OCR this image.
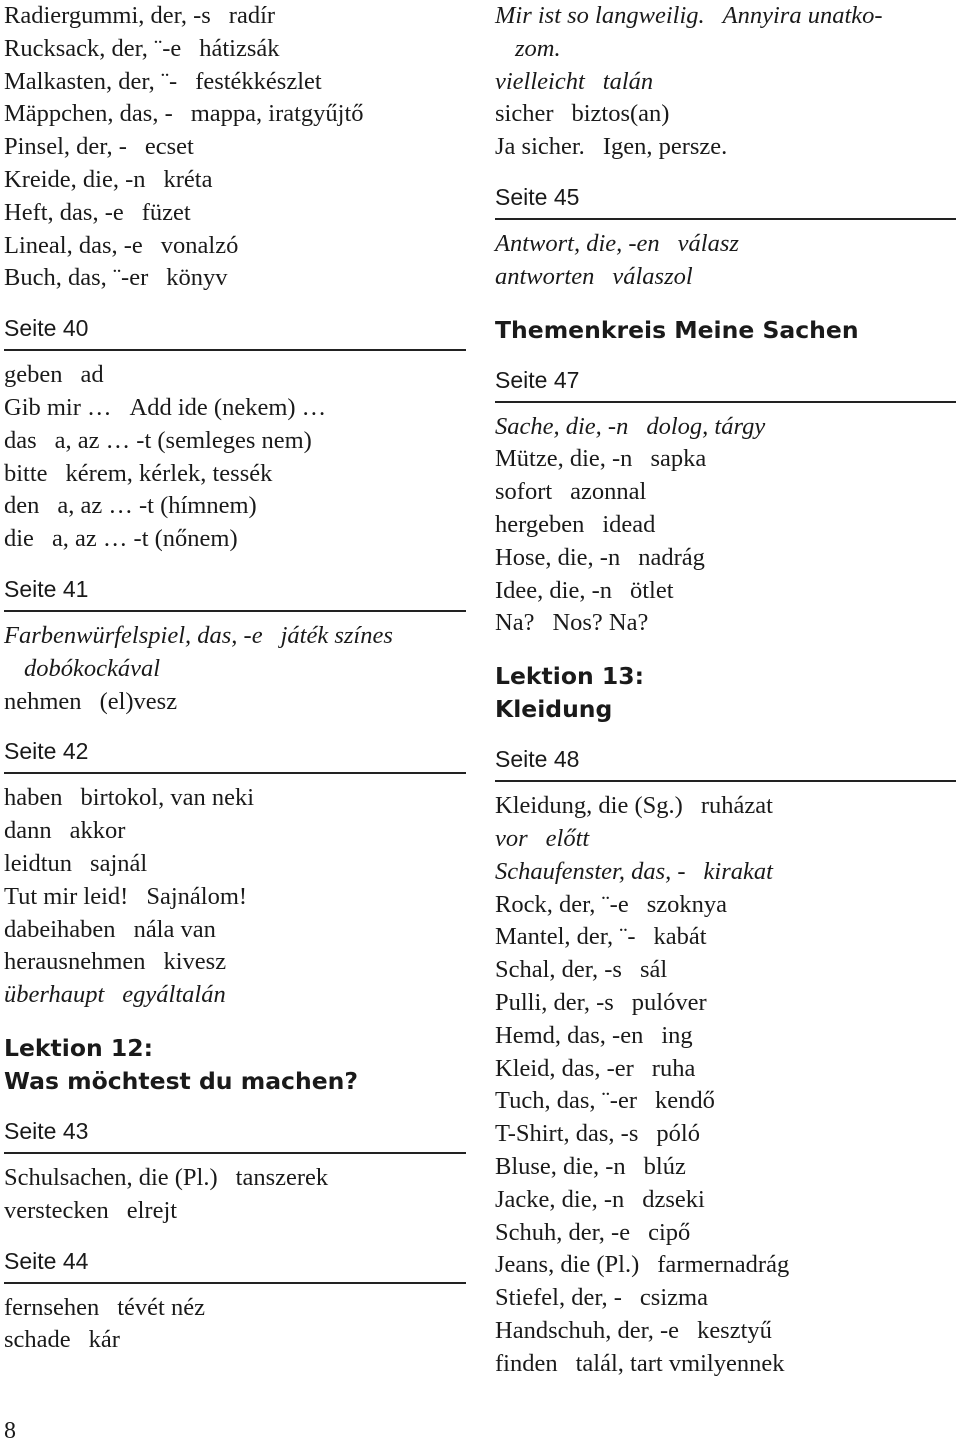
Radiergummi, der, -s radír
Rucksack, der, ¨-e hátizsák
Malkasten, der, ¨- festékkészlet
Mäppchen, das, - mappa, iratgyűjtő
Pinsel, der, - ecset
Kreide, die, -n kréta
Heft, das, -e füzet
Lineal, das, -e vonalzó
Buch, das, ¨-er könyv
Seite 40
geben ad
Gib mir … Add ide (nekem) …
das a, az … -t (semleges nem)
bitte kérem, kérlek, tessék
den a, az … -t (hímnem)
die a, az … -t (nőnem)
Seite 41
Farbenwürfelspiel, das, -e játék színes
dobókockával
nehmen (el)vesz
Seite 42
haben birtokol, van neki
dann akkor
leidtun sajnál
Tut mir leid! Sajnálom!
dabeihaben nála van
herausnehmen kivesz
überhaupt egyáltalán
Lektion 12:
Was möchtest du machen?
Seite 43
Schulsachen, die (Pl.) tanszerek
verstecken elrejt
Seite 44
fernsehen tévét néz
schade kár
Mir ist so langweilig. Annyira unatko-
zom.
vielleicht talán
sicher biztos(an)
Ja sicher. Igen, persze.
Seite 45
Antwort, die, -en válasz
antworten válaszol
Themenkreis Meine Sachen
Seite 47
Sache, die, -n dolog, tárgy
Mütze, die, -n sapka
sofort azonnal
hergeben idead
Hose, die, -n nadrág
Idee, die, -n ötlet
Na? Nos? Na?
Lektion 13:
Kleidung
Seite 48
Kleidung, die (Sg.) ruházat
vor előtt
Schaufenster, das, - kirakat
Rock, der, ¨-e szoknya
Mantel, der, ¨- kabát
Schal, der, -s sál
Pulli, der, -s pulóver
Hemd, das, -en ing
Kleid, das, -er ruha
Tuch, das, ¨-er kendő
T-Shirt, das, -s póló
Bluse, die, -n blúz
Jacke, die, -n dzseki
Schuh, der, -e cipő
Jeans, die (Pl.) farmernadrág
Stiefel, der, - csizma
Handschuh, der, -e kesztyű
finden talál, tart vmilyennek
8
